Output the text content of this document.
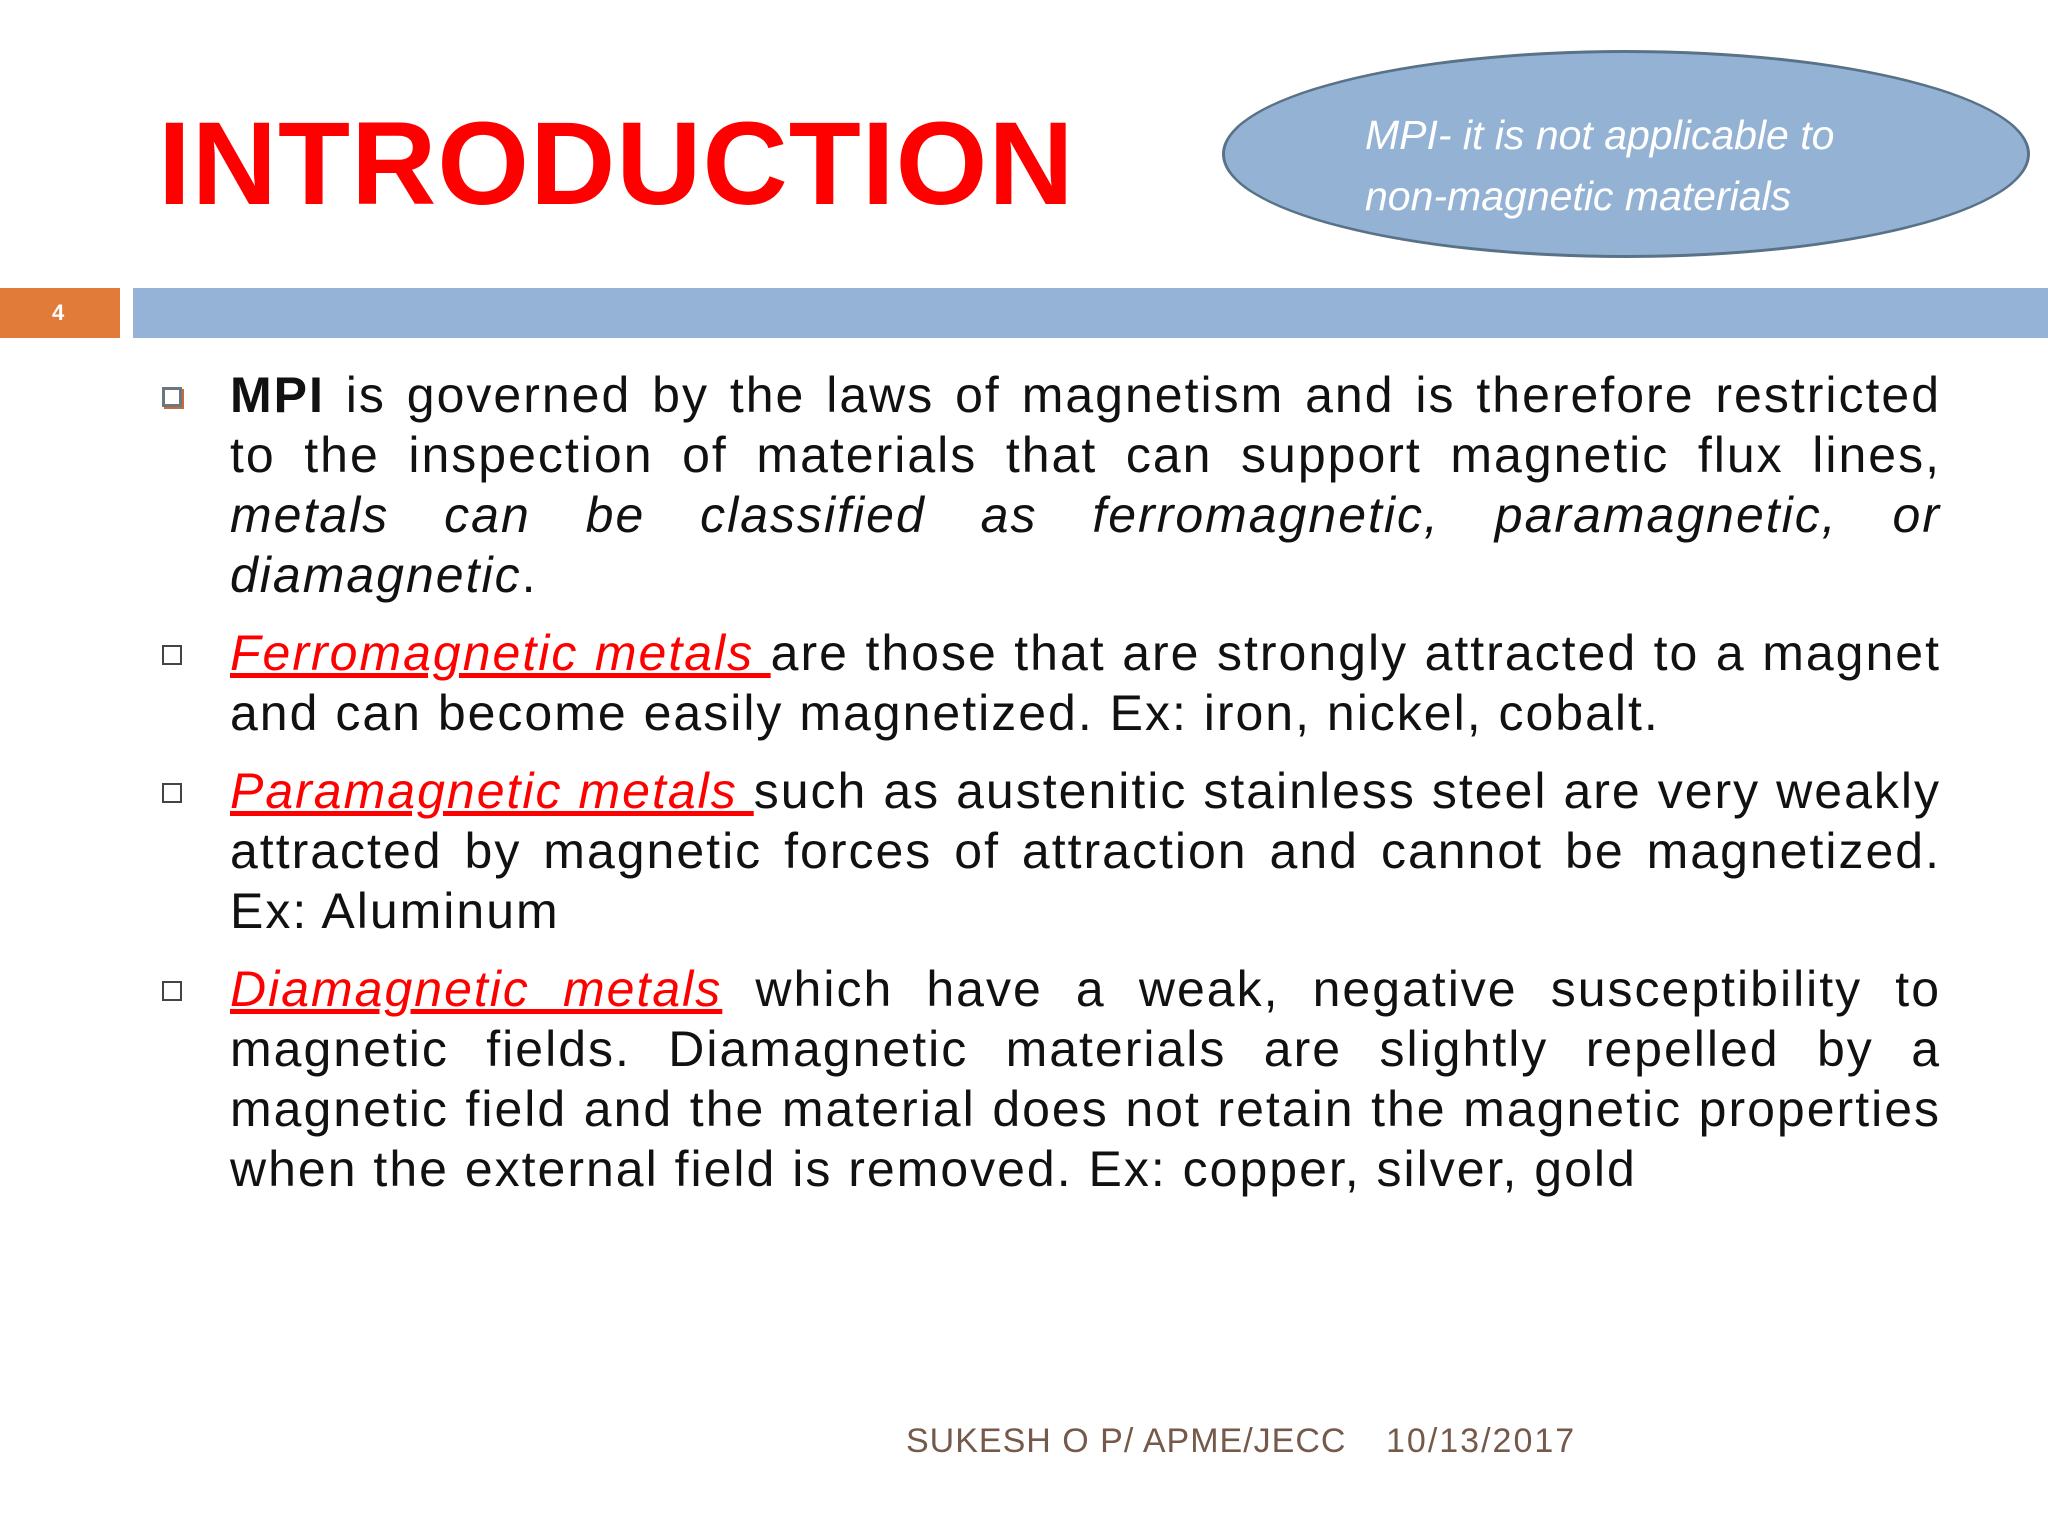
INTRODUCTION	MPI- it is not applicable to
non-magnetic materials
4
MPI is governed by the laws of magnetism and is therefore restricted to the inspection of materials that can support magnetic flux lines, metals can be classified as ferromagnetic, paramagnetic, or diamagnetic.
Ferromagnetic metals are those that are strongly attracted to a magnet and can become easily magnetized. Ex: iron, nickel, cobalt.
Paramagnetic metals such as austenitic stainless steel are very weakly attracted by magnetic forces of attraction and cannot be magnetized. Ex: Aluminum
Diamagnetic metals which have a weak, negative susceptibility to magnetic fields. Diamagnetic materials are slightly repelled by a magnetic field and the material does not retain the magnetic properties when the external field is removed. Ex: copper, silver, gold
SUKESH O P/ APME/JECC 10/13/2017
